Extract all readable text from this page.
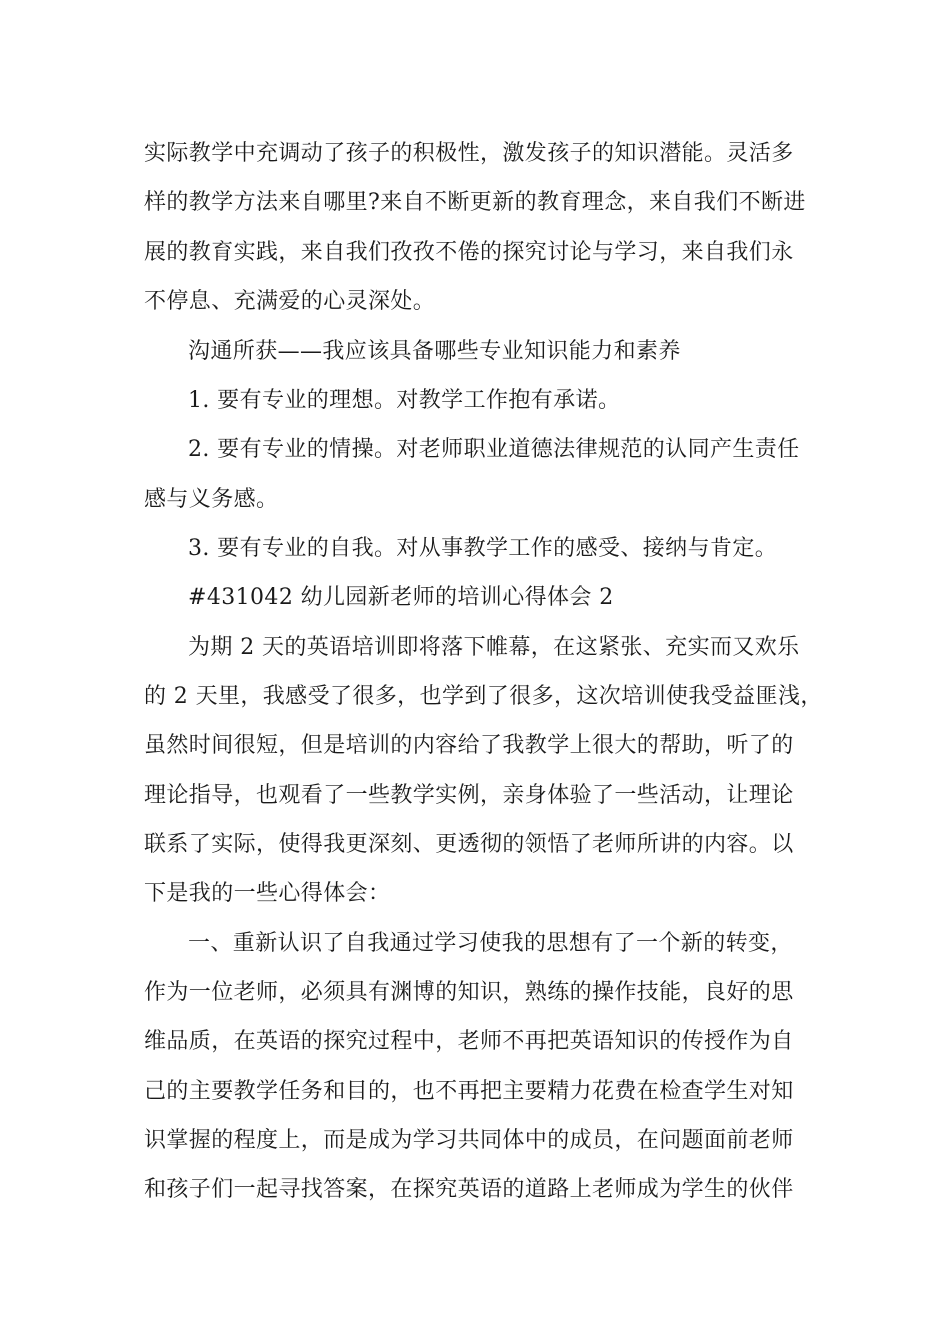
实际教学中充调动了孩子的积极性，激发孩子的知识潜能。灵活多
样的教学方法来自哪里?来自不断更新的教育理念，来自我们不断进
展的教育实践，来自我们孜孜不倦的探究讨论与学习，来自我们永
不停息、充满爱的心灵深处。
沟通所获——我应该具备哪些专业知识能力和素养
1. 要有专业的理想。对教学工作抱有承诺。
2. 要有专业的情操。对老师职业道德法律规范的认同产生责任
感与义务感。
3. 要有专业的自我。对从事教学工作的感受、接纳与肯定。
#431042 幼儿园新老师的培训心得体会 2
为期 2 天的英语培训即将落下帷幕，在这紧张、充实而又欢乐
的 2 天里，我感受了很多，也学到了很多，这次培训使我受益匪浅，
虽然时间很短，但是培训的内容给了我教学上很大的帮助，听了的
理论指导，也观看了一些教学实例，亲身体验了一些活动，让理论
联系了实际，使得我更深刻、更透彻的领悟了老师所讲的内容。以
下是我的一些心得体会：
一、重新认识了自我通过学习使我的思想有了一个新的转变，
作为一位老师，必须具有渊博的知识，熟练的操作技能，良好的思
维品质，在英语的探究过程中，老师不再把英语知识的传授作为自
己的主要教学任务和目的，也不再把主要精力花费在检查学生对知
识掌握的程度上，而是成为学习共同体中的成员，在问题面前老师
和孩子们一起寻找答案，在探究英语的道路上老师成为学生的伙伴
